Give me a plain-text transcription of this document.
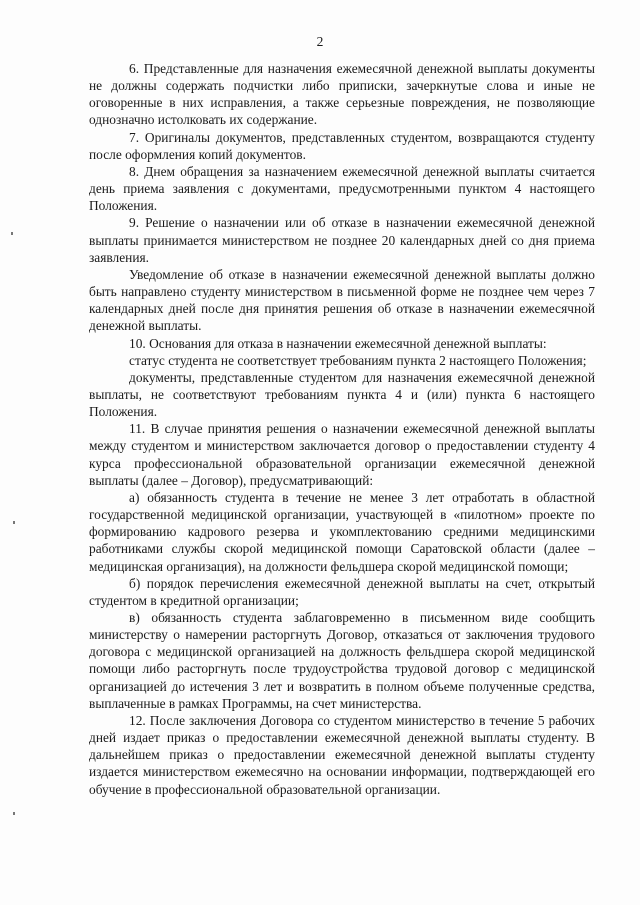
2

6. Представленные для назначения ежемесячной денежной выплаты документы не должны содержать подчистки либо приписки, зачеркнутые слова и иные не оговоренные в них исправления, а также серьезные повреждения, не позволяющие однозначно истолковать их содержание.

7. Оригиналы документов, представленных студентом, возвращаются студенту после оформления копий документов.

8. Днем обращения за назначением ежемесячной денежной выплаты считается день приема заявления с документами, предусмотренными пунктом 4 настоящего Положения.

9. Решение о назначении или об отказе в назначении ежемесячной денежной выплаты принимается министерством не позднее 20 календарных дней со дня приема заявления.

Уведомление об отказе в назначении ежемесячной денежной выплаты должно быть направлено студенту министерством в письменной форме не позднее чем через 7 календарных дней после дня принятия решения об отказе в назначении ежемесячной денежной выплаты.

10. Основания для отказа в назначении ежемесячной денежной выплаты:

статус студента не соответствует требованиям пункта 2 настоящего Положения;

документы, представленные студентом для назначения ежемесячной денежной выплаты, не соответствуют требованиям пункта 4 и (или) пункта 6 настоящего Положения.

11. В случае принятия решения о назначении ежемесячной денежной выплаты между студентом и министерством заключается договор о предоставлении студенту 4 курса профессиональной образовательной организации ежемесячной денежной выплаты (далее – Договор), предусматривающий:

а) обязанность студента в течение не менее 3 лет отработать в областной государственной медицинской организации, участвующей в «пилотном» проекте по формированию кадрового резерва и укомплектованию средними медицинскими работниками службы скорой медицинской помощи Саратовской области (далее – медицинская организация), на должности фельдшера скорой медицинской помощи;

б) порядок перечисления ежемесячной денежной выплаты на счет, открытый студентом в кредитной организации;

в) обязанность студента заблаговременно в письменном виде сообщить министерству о намерении расторгнуть Договор, отказаться от заключения трудового договора с медицинской организацией на должность фельдшера скорой медицинской помощи либо расторгнуть после трудоустройства трудовой договор с медицинской организацией до истечения 3 лет и возвратить в полном объеме полученные средства, выплаченные в рамках Программы, на счет министерства.

12. После заключения Договора со студентом министерство в течение 5 рабочих дней издает приказ о предоставлении ежемесячной денежной выплаты студенту. В дальнейшем приказ о предоставлении ежемесячной денежной выплаты студенту издается министерством ежемесячно на основании информации, подтверждающей его обучение в профессиональной образовательной организации.
